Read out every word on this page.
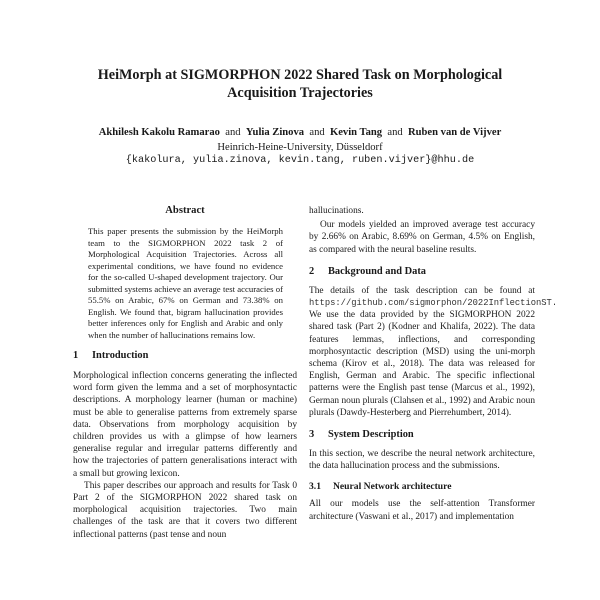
HeiMorph at SIGMORPHON 2022 Shared Task on Morphological
Acquisition Trajectories
Akhilesh Kakolu Ramarao and Yulia Zinova and Kevin Tang and Ruben van de Vijver
Heinrich-Heine-University, Düsseldorf
{kakolura, yulia.zinova, kevin.tang, ruben.vijver}@hhu.de
Abstract
This paper presents the submission by the HeiMorph team to the SIGMORPHON 2022 task 2 of Morphological Acquisition Trajectories. Across all experimental conditions, we have found no evidence for the so-called U-shaped development trajectory. Our submitted systems achieve an average test accuracies of 55.5% on Arabic, 67% on German and 73.38% on English. We found that, bigram hallucination provides better inferences only for English and Arabic and only when the number of hallucinations remains low.
1 Introduction

Morphological inflection concerns generating the inflected word form given the lemma and a set of morphosyntactic descriptions. A morphology learner (human or machine) must be able to generalise patterns from extremely sparse data. Observations from morphology acquisition by children provides us with a glimpse of how learners generalise regular and irregular patterns differently and how the trajectories of pattern generalisations interact with a small but growing lexicon.

This paper describes our approach and results for Task 0 Part 2 of the SIGMORPHON 2022 shared task on morphological acquisition trajectories. Two main challenges of the task are that it covers two different inflectional patterns (past tense and noun

hallucinations.

Our models yielded an improved average test accuracy by 2.66% on Arabic, 8.69% on German, 4.5% on English, as compared with the neural baseline results.

2 Background and Data

The details of the task description can be found at https://github.com/sigmorphon/2022InflectionST. We use the data provided by the SIGMORPHON 2022 shared task (Part 2) (Kodner and Khalifa, 2022). The data features lemmas, inflections, and corresponding morphosyntactic description (MSD) using the uni-morph schema (Kirov et al., 2018). The data was released for English, German and Arabic. The specific inflectional patterns were the English past tense (Marcus et al., 1992), German noun plurals (Clahsen et al., 1992) and Arabic noun plurals (Dawdy-Hesterberg and Pierrehumbert, 2014).

3 System Description

In this section, we describe the neural network architecture, the data hallucination process and the submissions.

3.1 Neural Network architecture

All our models use the self-attention Transformer architecture (Vaswani et al., 2017) and implementation
